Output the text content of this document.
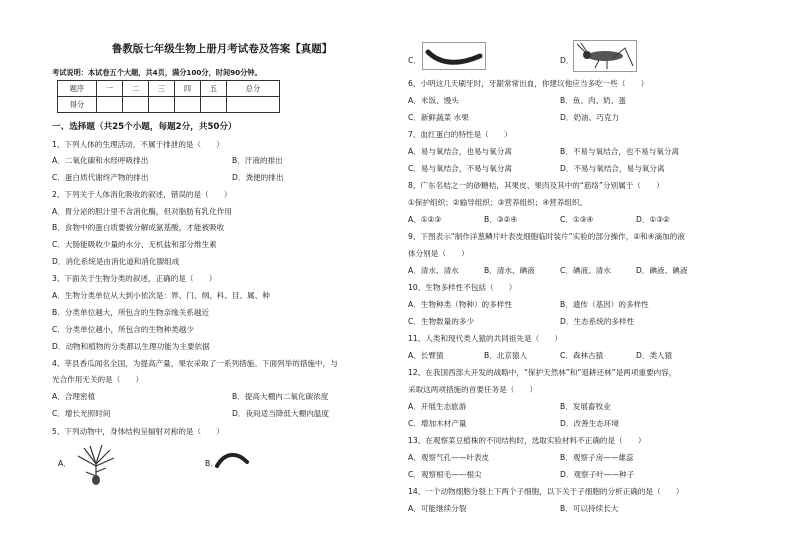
鲁教版七年级生物上册月考试卷及答案【真题】
考试说明：本试卷五个大题，共4页，满分100分，时间90分钟。
题序	一	二	三	四	五	总分
得分						
一、选择题（共25个小题，每题2分，共50分）
1、下列人体的生理活动，不属于排泄的是（　　）
A．二氧化碳和水经呼吸排出	B．汗液的排出
C．蛋白质代谢终产物的排出	D．粪便的排出
2、下列关于人体消化吸收的叙述，错误的是（　　）
A．胃分泌的胆汁里不含消化酶，但对脂肪有乳化作用
B．食物中的蛋白质要被分解成氨基酸，才能被吸收
C．大肠能吸收少量的水分、无机盐和部分维生素
D．消化系统是由消化道和消化腺组成
3、下面关于生物分类的叙述，正确的是（　　）
A．生物分类单位从大到小依次是：界、门、纲、科、目、属、种
B．分类单位越大，所包含的生物亲缘关系越近
C．分类单位越小，所包含的生物种类越少
D．动物和植物的分类都以生理功能为主要依据
4、莘县香瓜闻名全国，为提高产量，果农采取了一系列措施。下面列举的措施中，与
光合作用无关的是（　　）
A．合理密植	B．提高大棚内二氧化碳浓度
C．增长光照时间	D．夜间适当降低大棚内温度
5、下列动物中，身体结构呈辐射对称的是（　　）
A．	B．
C．	D．
6、小明这几天刷牙时，牙龈常常出血，你建议他应当多吃一些（　　）
A．米饭、馒头	B．鱼、肉、奶、蛋
C．新鲜蔬菜 水果	D．奶油、巧克力
7、血红蛋白的特性是（　　）
A．易与氧结合，也易与氧分离	B．不易与氧结合，也不易与氧分离
C．易与氧结合，不易与氧分离	D．不易与氧结合，易与氧分离
8、广东名桔之一的砂糖桔，其果皮、果肉及其中的“筋络”分别属于（　　）
①保护组织；②输导组织；③营养组织；④营养组织。
A．①②③	B．③②④	C．①③④	D．①③②
9、下图表示“制作洋葱鳞片叶表皮细胞临时装片”实验的部分操作，②和④滴加的液
体分别是（　　）
A．清水、清水	B．清水、碘液	C．碘液、清水	D．碘液、碘液
10、生物多样性不包括（　　）
A．生物种类（物种）的多样性	B．遗传（基因）的多样性
C．生物数量的多少	D．生态系统的多样性
11、人类和现代类人猿的共同祖先是（　　）
A．长臂猿	B．北京猿人	C．森林古猿	D．类人猿
12、在我国西部大开发的战略中，“保护天然林”和“退耕还林”是两项重要内容，
采取这两项措施的首要任务是（　　）
A．开展生态旅游	B．发展畜牧业
C．增加木材产量	D．改善生态环境
13、在观察菜豆植株的不同结构时，选取实验材料不正确的是（　　）
A．观察气孔——叶表皮	B．观察子房——雄蕊
C．观察根毛——根尖	D．观察子叶——种子
14、一个动物细胞分裂上下两个子细胞，以下关于子细胞的分析正确的是（　　）
A．可能继续分裂	B．可以持续长大
